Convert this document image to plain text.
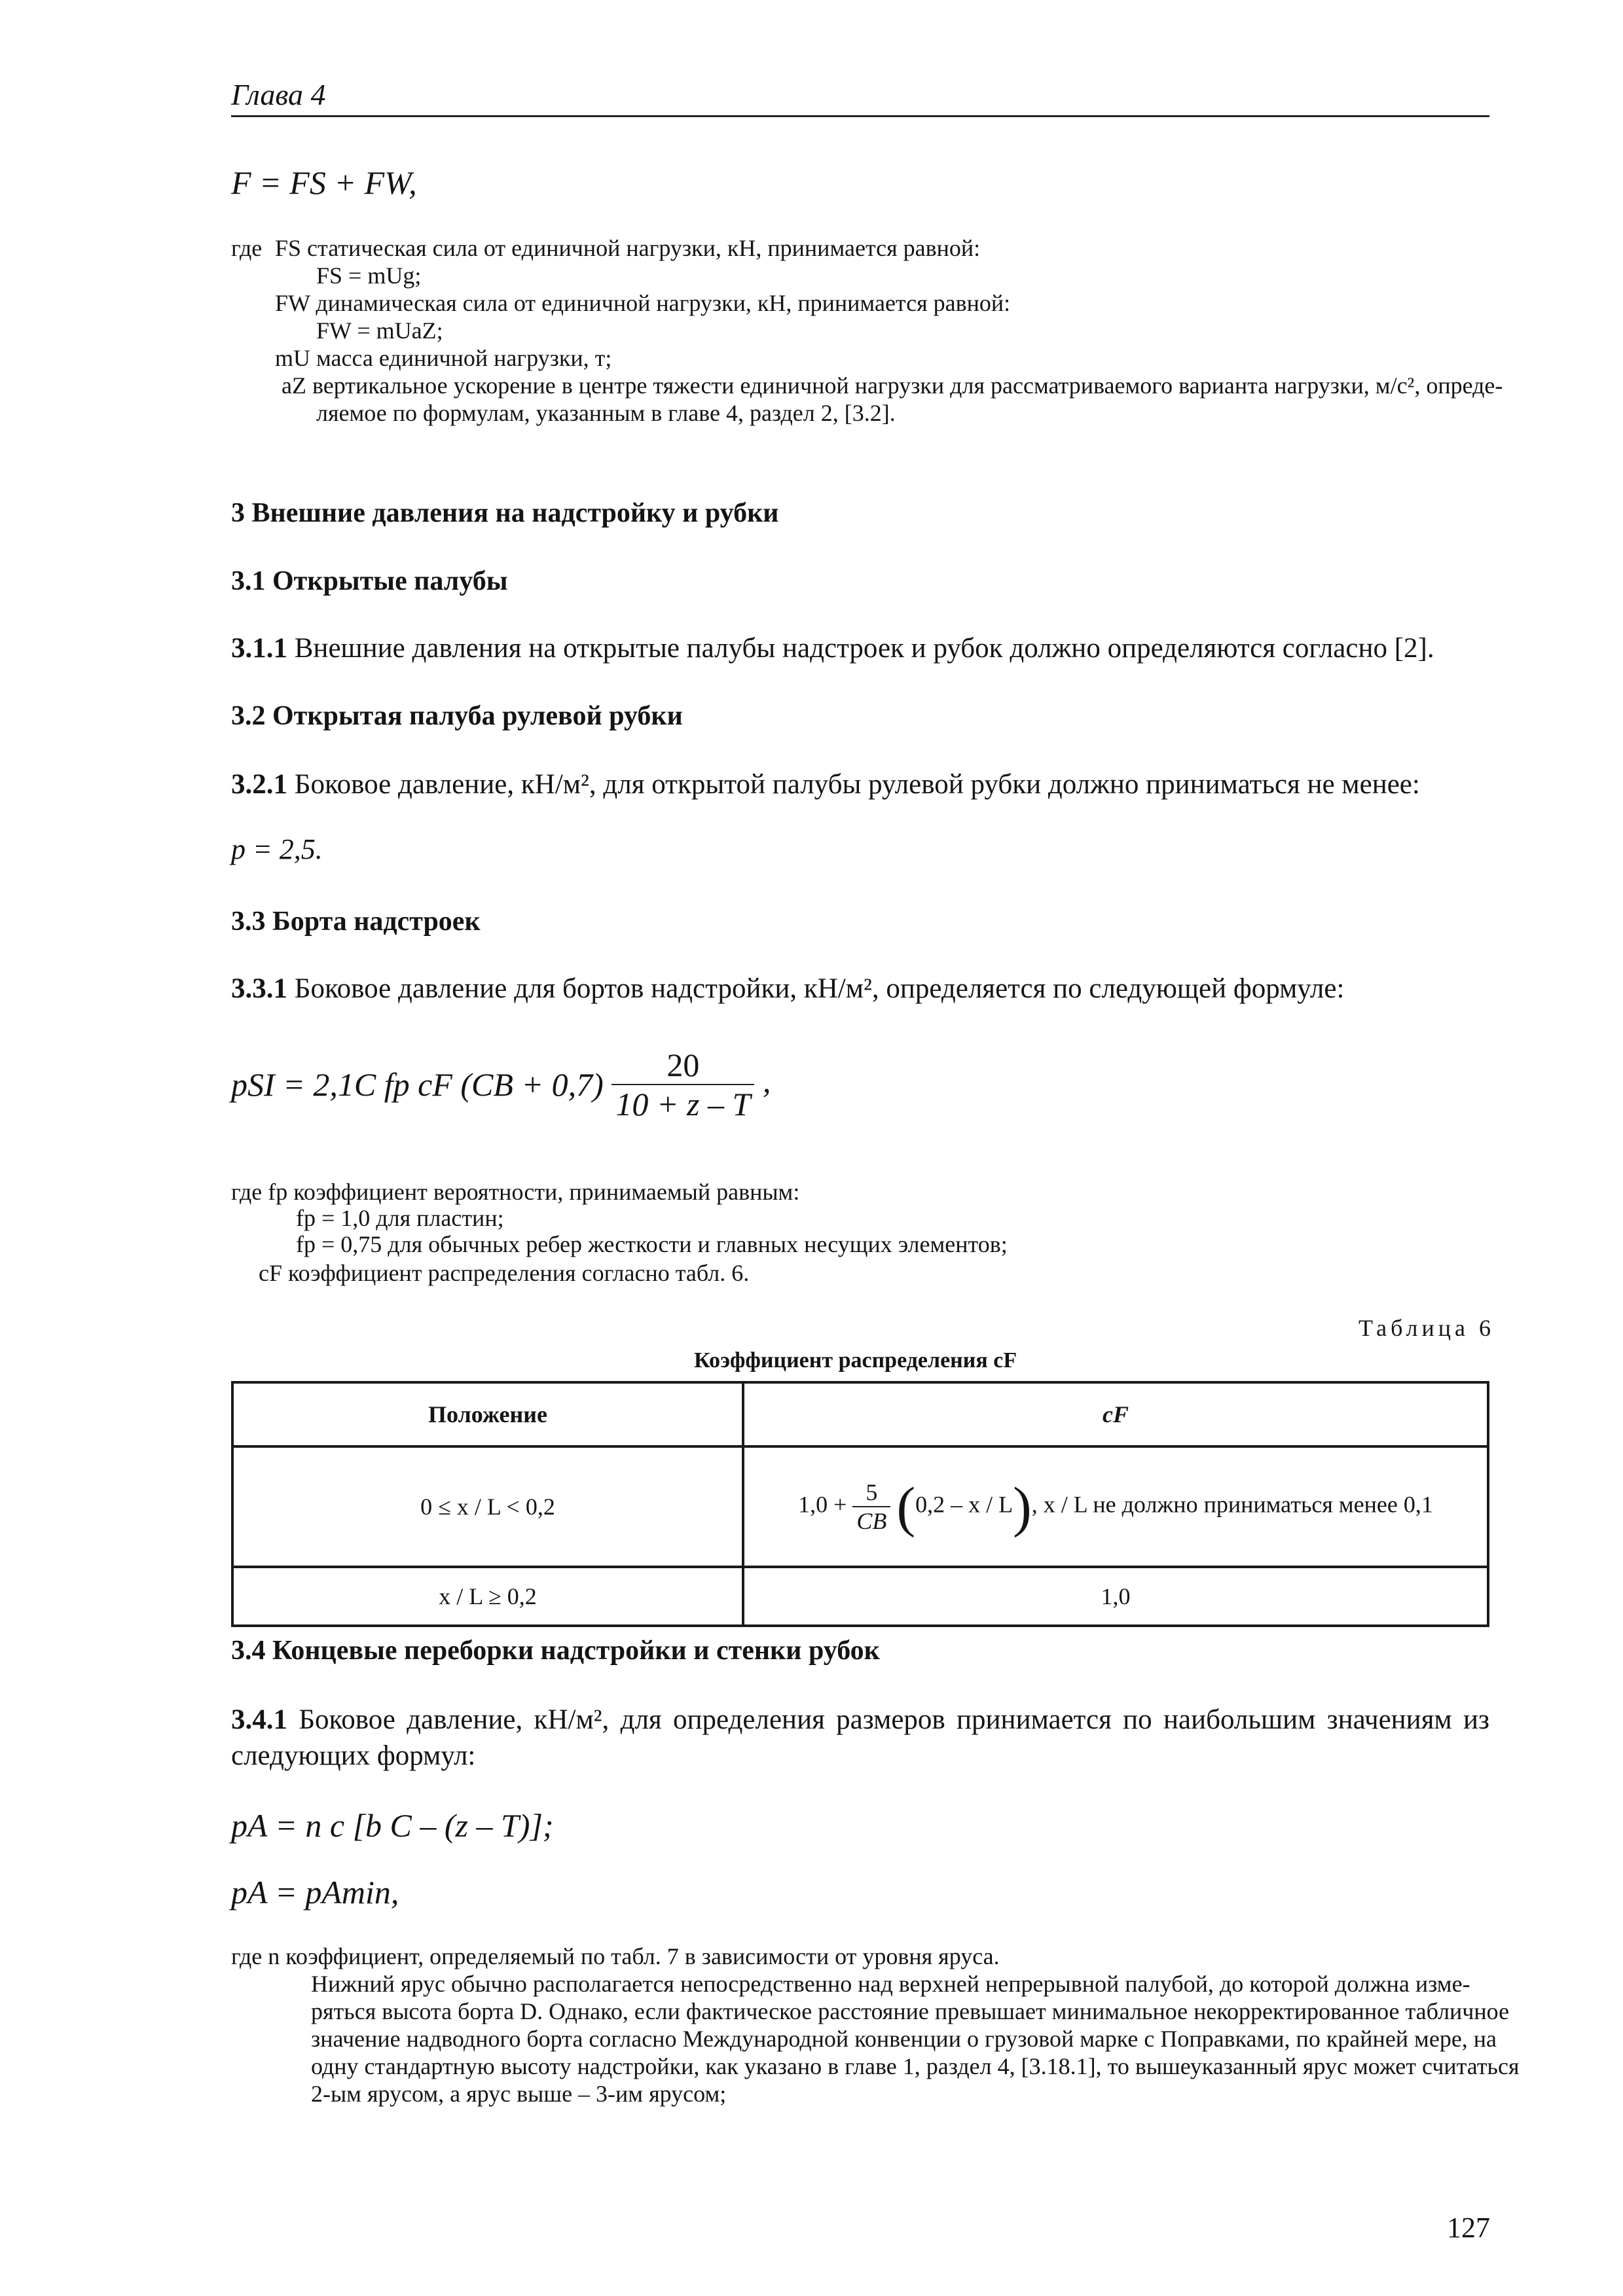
Глава 4
F = FS + FW,
где FS статическая сила от единичной нагрузки, кН, принимается равной:
FS = mUg;
FW динамическая сила от единичной нагрузки, кН, принимается равной:
FW = mUaZ;
mU масса единичной нагрузки, т;
aZ вертикальное ускорение в центре тяжести единичной нагрузки для рассматриваемого варианта нагрузки, м/с², опреде-
ляемое по формулам, указанным в главе 4, раздел 2, [3.2].
3 Внешние давления на надстройку и рубки
3.1 Открытые палубы
3.1.1 Внешние давления на открытые палубы надстроек и рубок должно определяются согласно [2].
3.2 Открытая палуба рулевой рубки
3.2.1 Боковое давление, кН/м², для открытой палубы рулевой рубки должно приниматься не менее:
p = 2,5.
3.3 Борта надстроек
3.3.1 Боковое давление для бортов надстройки, кН/м², определяется по следующей формуле:
pSI = 2,1C fp cF $(CB + 0,7) \frac{20}{10 + z - T}$ ,
где fp коэффициент вероятности, принимаемый равным:
fp = 1,0 для пластин;
fp = 0,75 для обычных ребер жесткости и главных несущих элементов;
cF коэффициент распределения согласно табл. 6.
Таблица 6
Коэффициент распределения cF
Положение	cF
0 ≤ x / L < 0,2	$1,0 + \frac{5}{CB} (0,2 - x / L)$, x / L не должно приниматься менее 0,1
x / L ≥ 0,2	1,0
3.4 Концевые переборки надстройки и стенки рубок
3.4.1 Боковое давление, кН/м², для определения размеров принимается по наибольшим значениям из следующих формул:
pA = n c [b C – (z – T)];
pA = pAmin,
где n коэффициент, определяемый по табл. 7 в зависимости от уровня яруса.
Нижний ярус обычно располагается непосредственно над верхней непрерывной палубой, до которой должна изме-
ряться высота борта D. Однако, если фактическое расстояние превышает минимальное некорректированное табличное
значение надводного борта согласно Международной конвенции о грузовой марке с Поправками, по крайней мере, на
одну стандартную высоту надстройки, как указано в главе 1, раздел 4, [3.18.1], то вышеуказанный ярус может считаться
2-ым ярусом, а ярус выше – 3-им ярусом;
127
